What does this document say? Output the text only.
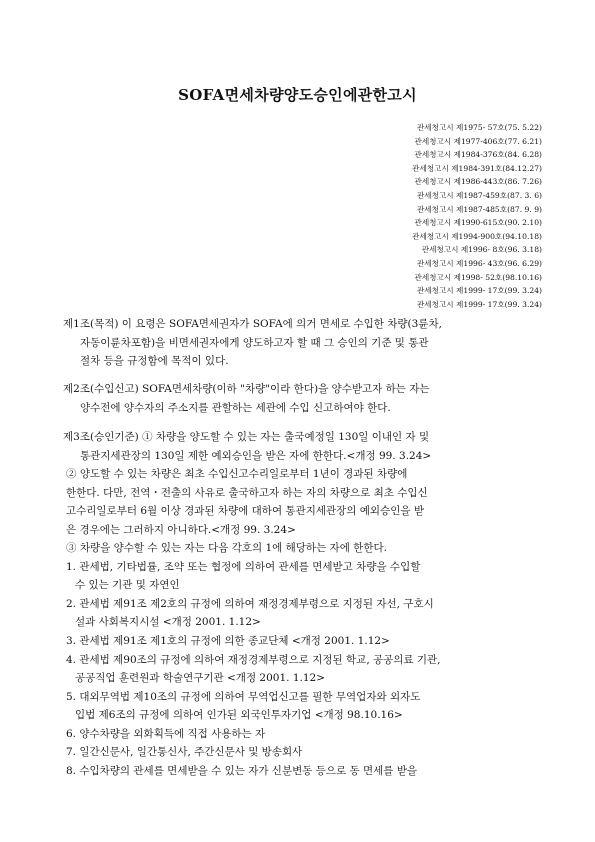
SOFA면세차량양도승인에관한고시
관세청고시 제1975- 57호(75. 5.22)
관세청고시 제1977-406호(77. 6.21)
관세청고시 제1984-376호(84. 6.28)
관세청고시 제1984-391호(84.12.27)
관세청고시 제1986-443호(86. 7.26)
관세청고시 제1987-459호(87. 3. 6)
관세청고시 제1987-485호(87. 9. 9)
관세청고시 제1990-615호(90. 2.10)
관세청고시 제1994-900호(94.10.18)
관세청고시 제1996- 8호(96. 3.18)
관세청고시 제1996- 43호(96. 6.29)
관세청고시 제1998- 52호(98.10.16)
관세청고시 제1999- 17호(99. 3.24)
관세청고시 제1999- 17호(99. 3.24)
제1조(목적) 이 요령은 SOFA면세권자가 SOFA에 의거 면세로 수입한 차량(3륜차,
자동이륜차포함)을 비면세권자에게 양도하고자 할 때 그 승인의 기준 및 통관
절차 등을 규정함에 목적이 있다.
제2조(수입신고) SOFA면세차량(이하 "차량"이라 한다)을 양수받고자 하는 자는
양수전에 양수자의 주소지를 관할하는 세관에 수입 신고하여야 한다.
제3조(승인기준) ① 차량을 양도할 수 있는 자는 출국예정일 130일 이내인 자 및
통관지세관장의 130일 제한 예외승인을 받은 자에 한한다.<개정 99. 3.24>
② 양도할 수 있는 차량은 최초 수입신고수리일로부터 1년이 경과된 차량에
한한다. 다만, 전역・전출의 사유로 출국하고자 하는 자의 차량으로 최초 수입신
고수리일로부터 6월 이상 경과된 차량에 대하여 통관지세관장의 예외승인을 받
은 경우에는 그러하지 아니하다.<개정 99. 3.24>
③ 차량을 양수할 수 있는 자는 다음 각호의 1에 해당하는 자에 한한다.
1. 관세법, 기타법률, 조약 또는 협정에 의하여 관세를 면세받고 차량을 수입할
수 있는 기관 및 자연인
2. 관세법 제91조 제2호의 규정에 의하여 재정경제부령으로 지정된 자선, 구호시
설과 사회복지시설 <개정 2001. 1.12>
3. 관세법 제91조 제1호의 규정에 의한 종교단체 <개정 2001. 1.12>
4. 관세법 제90조의 규정에 의하여 재정경제부령으로 지정된 학교, 공공의료 기관,
공공직업 훈련원과 학술연구기관 <개정 2001. 1.12>
5. 대외무역법 제10조의 규정에 의하여 무역업신고를 필한 무역업자와 외자도
입법 제6조의 규정에 의하여 인가된 외국인투자기업 <개정 98.10.16>
6. 양수차량을 외화획득에 직접 사용하는 자
7. 일간신문사, 일간통신사, 주간신문사 및 방송회사
8. 수입차량의 관세를 면세받을 수 있는 자가 신분변동 등으로 동 면세를 받을
